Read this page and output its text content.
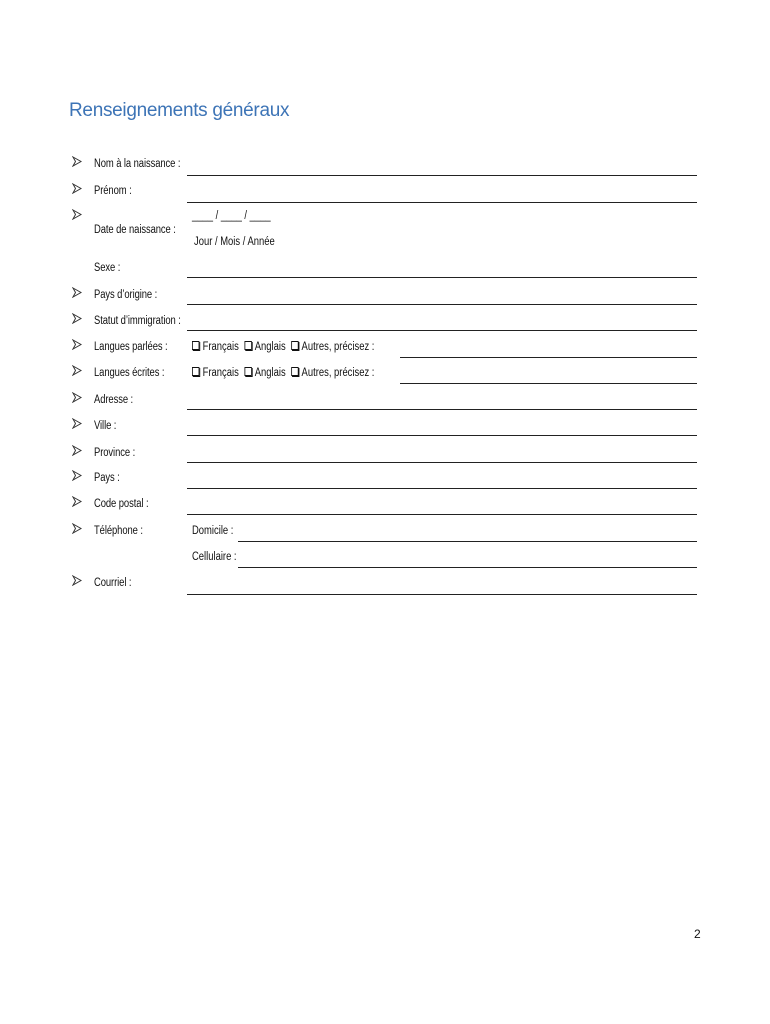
Renseignements généraux
Nom à la naissance :
Prénom :
Date de naissance :
____ / ____ / ____
Jour / Mois / Année
Sexe :
Pays d’origine :
Statut d’immigration :
Langues parlées :	Français Anglais Autres, précisez :
Langues écrites :	Français Anglais Autres, précisez :
Adresse :
Ville :
Province :
Pays :
Code postal :
Téléphone :	Domicile :
Cellulaire :
Courriel :
2
